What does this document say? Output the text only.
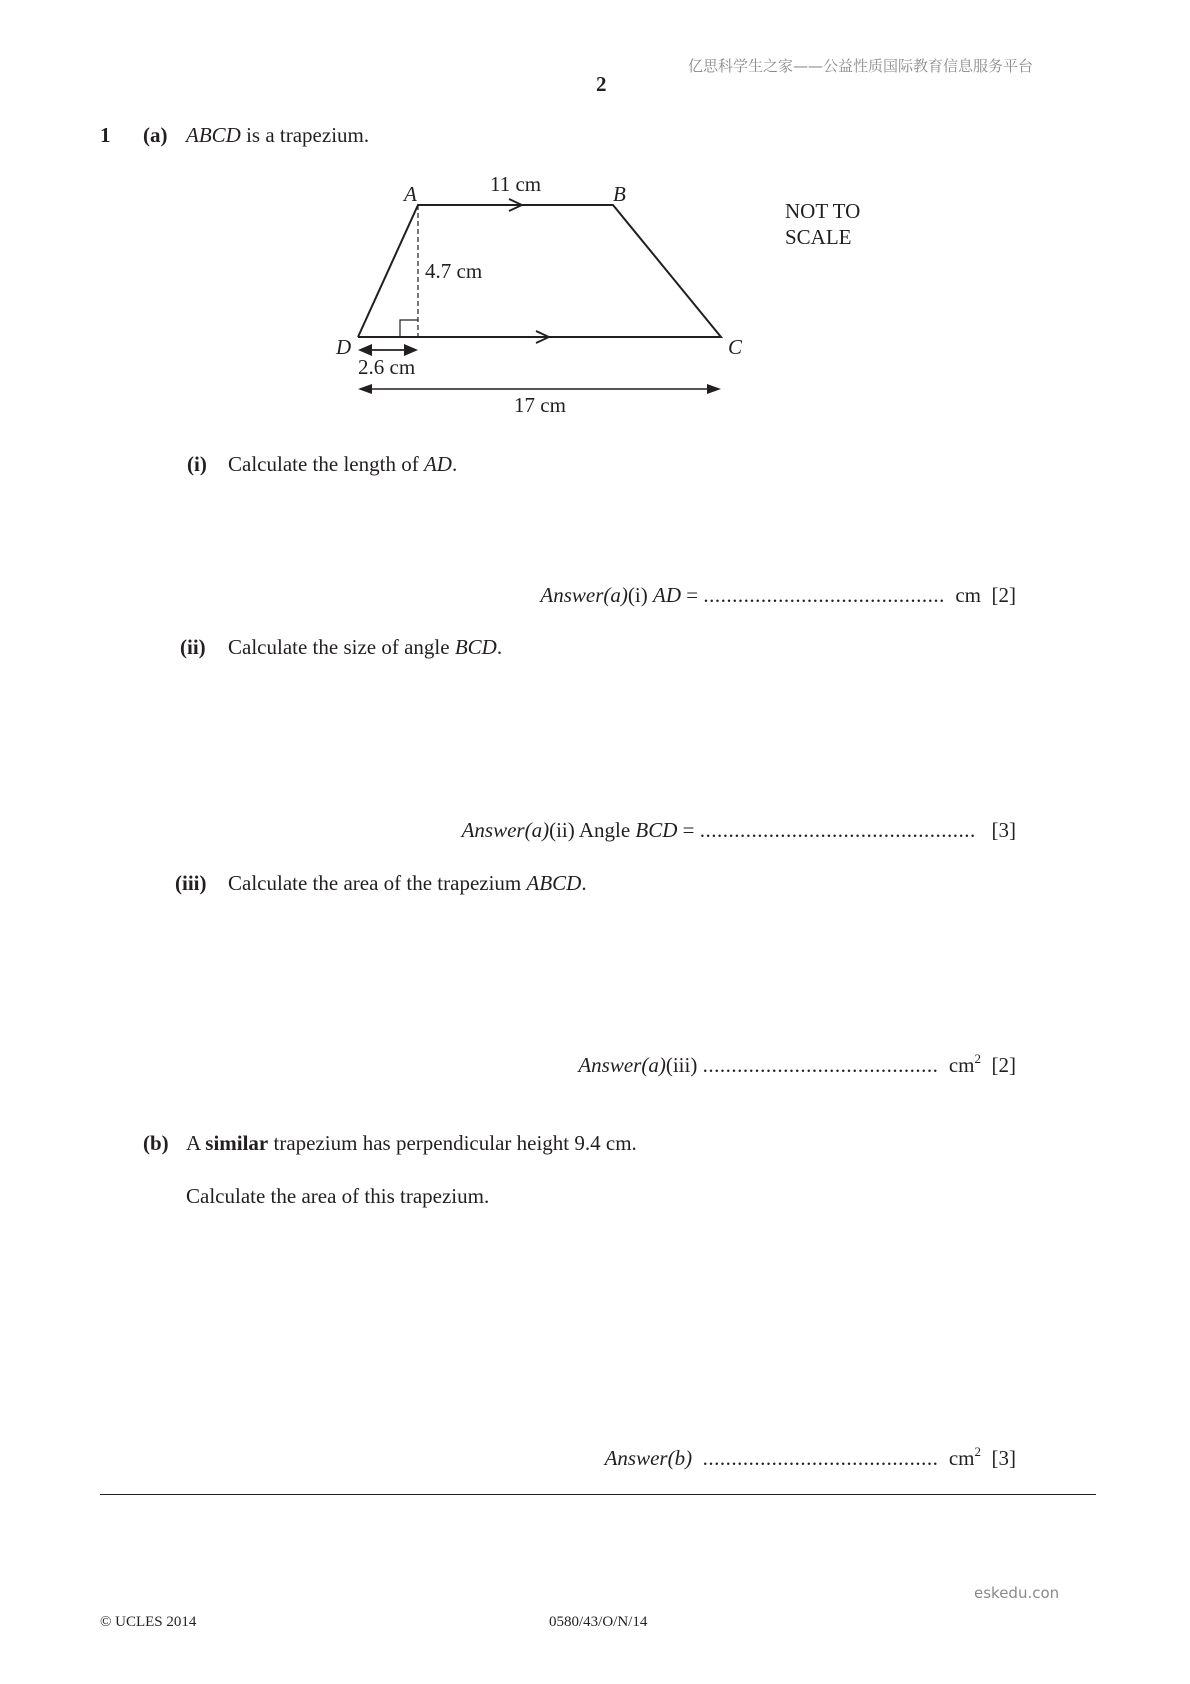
亿思科学生之家——公益性质国际教育信息服务平台
2
1 (a) ABCD is a trapezium.
A	B
C
D
11 cm
4.7 cm
2.6 cm
17 cm
NOT TO
SCALE
(i) Calculate the length of AD.
Answer(a)(i) AD = .......................................... cm [2]
(ii) Calculate the size of angle BCD.
Answer(a)(ii) Angle BCD = ................................................ [3]
(iii) Calculate the area of the trapezium ABCD.
Answer(a)(iii) ......................................... $cm^2$ [2]
(b) A similar trapezium has perpendicular height 9.4 cm.
Calculate the area of this trapezium.
Answer(b) ......................................... $cm^2$ [3]
eskedu.con
© UCLES 2014	0580/43/O/N/14
